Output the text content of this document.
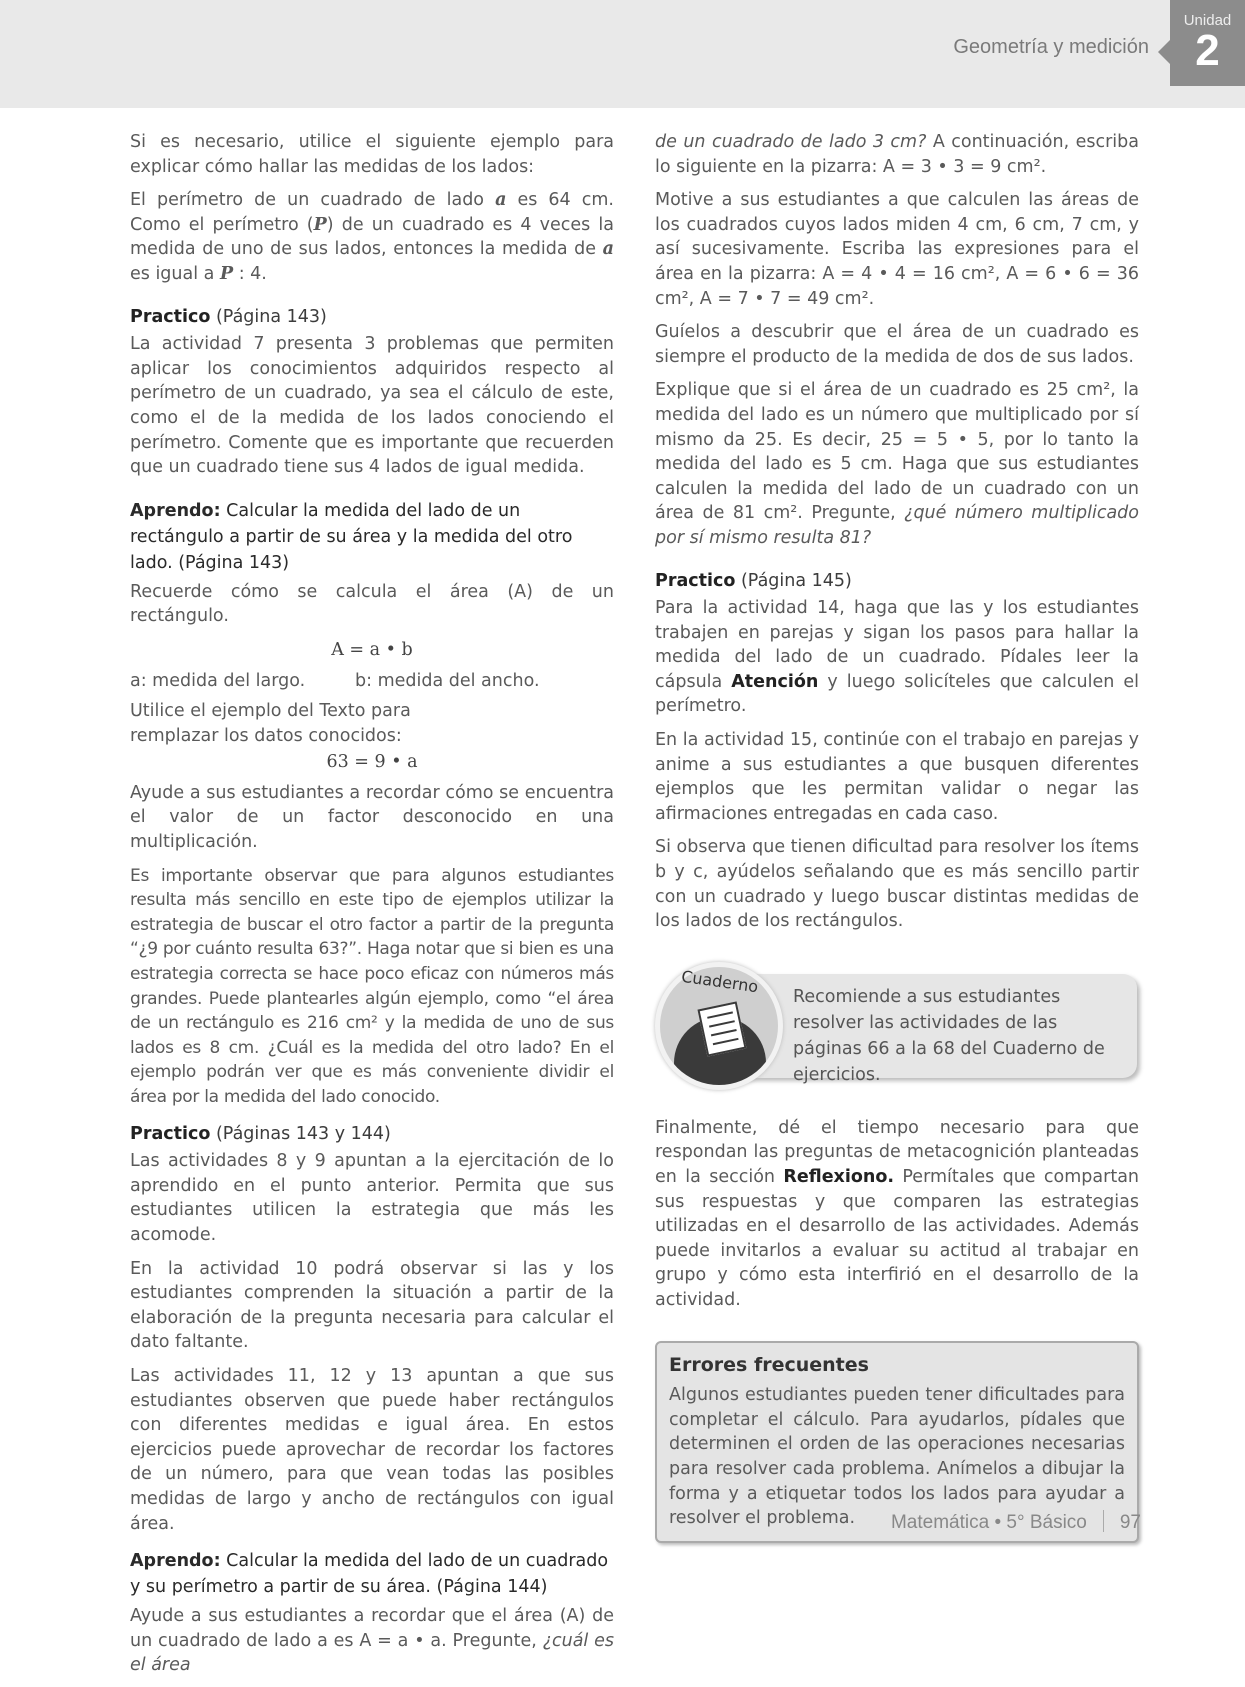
Geometría y medición
Unidad
2

Si es necesario, utilice el siguiente ejemplo para explicar cómo hallar las medidas de los lados:

El perímetro de un cuadrado de lado a es 64 cm. Como el perímetro (P) de un cuadrado es 4 veces la medida de uno de sus lados, entonces la medida de a es igual a P : 4.

Practico (Página 143)

La actividad 7 presenta 3 problemas que permiten aplicar los conocimientos adquiridos respecto al perímetro de un cuadrado, ya sea el cálculo de este, como el de la medida de los lados conociendo el perímetro. Comente que es importante que recuerden que un cuadrado tiene sus 4 lados de igual medida.

Aprendo: Calcular la medida del lado de un rectángulo a partir de su área y la medida del otro lado. (Página 143)

Recuerde cómo se calcula el área (A) de un rectángulo.

A = a • b
a: medida del largo.	b: medida del ancho.

Utilice el ejemplo del Texto para remplazar los datos conocidos:

63 = 9 • a

Ayude a sus estudiantes a recordar cómo se encuentra el valor de un factor desconocido en una multiplicación.

Es importante observar que para algunos estudiantes resulta más sencillo en este tipo de ejemplos utilizar la estrategia de buscar el otro factor a partir de la pregunta “¿9 por cuánto resulta 63?”. Haga notar que si bien es una estrategia correcta se hace poco eficaz con números más grandes. Puede plantearles algún ejemplo, como “el área de un rectángulo es 216 cm² y la medida de uno de sus lados es 8 cm. ¿Cuál es la medida del otro lado? En el ejemplo podrán ver que es más conveniente dividir el área por la medida del lado conocido.

Practico (Páginas 143 y 144)

Las actividades 8 y 9 apuntan a la ejercitación de lo aprendido en el punto anterior. Permita que sus estudiantes utilicen la estrategia que más les acomode.

En la actividad 10 podrá observar si las y los estudiantes comprenden la situación a partir de la elaboración de la pregunta necesaria para calcular el dato faltante.

Las actividades 11, 12 y 13 apuntan a que sus estudiantes observen que puede haber rectángulos con diferentes medidas e igual área. En estos ejercicios puede aprovechar de recordar los factores de un número, para que vean todas las posibles medidas de largo y ancho de rectángulos con igual área.

Aprendo: Calcular la medida del lado de un cuadrado y su perímetro a partir de su área. (Página 144)

Ayude a sus estudiantes a recordar que el área (A) de un cuadrado de lado a es A = a • a. Pregunte, ¿cuál es el área

de un cuadrado de lado 3 cm? A continuación, escriba lo siguiente en la pizarra: A = 3 • 3 = 9 cm².

Motive a sus estudiantes a que calculen las áreas de los cuadrados cuyos lados miden 4 cm, 6 cm, 7 cm, y así sucesivamente. Escriba las expresiones para el área en la pizarra: A = 4 • 4 = 16 cm², A = 6 • 6 = 36 cm², A = 7 • 7 = 49 cm².

Guíelos a descubrir que el área de un cuadrado es siempre el producto de la medida de dos de sus lados.

Explique que si el área de un cuadrado es 25 cm², la medida del lado es un número que multiplicado por sí mismo da 25. Es decir, 25 = 5 • 5, por lo tanto la medida del lado es 5 cm. Haga que sus estudiantes calculen la medida del lado de un cuadrado con un área de 81 cm². Pregunte, ¿qué número multiplicado por sí mismo resulta 81?

Practico (Página 145)

Para la actividad 14, haga que las y los estudiantes trabajen en parejas y sigan los pasos para hallar la medida del lado de un cuadrado. Pídales leer la cápsula Atención y luego solicíteles que calculen el perímetro.

En la actividad 15, continúe con el trabajo en parejas y anime a sus estudiantes a que busquen diferentes ejemplos que les permitan validar o negar las afirmaciones entregadas en cada caso.

Si observa que tienen dificultad para resolver los ítems b y c, ayúdelos señalando que es más sencillo partir con un cuadrado y luego buscar distintas medidas de los lados de los rectángulos.

Recomiende a sus estudiantes resolver las actividades de las páginas 66 a la 68 del Cuaderno de ejercicios.
Cuaderno

Finalmente, dé el tiempo necesario para que respondan las preguntas de metacognición planteadas en la sección Reflexiono. Permítales que compartan sus respuestas y que comparen las estrategias utilizadas en el desarrollo de las actividades. Además puede invitarlos a evaluar su actitud al trabajar en grupo y cómo esta interfirió en el desarrollo de la actividad.

Errores frecuentes

Algunos estudiantes pueden tener dificultades para completar el cálculo. Para ayudarlos, pídales que determinen el orden de las operaciones necesarias para resolver cada problema. Anímelos a dibujar la forma y a etiquetar todos los lados para ayudar a resolver el problema.	Matemática • 5° Básico 97
